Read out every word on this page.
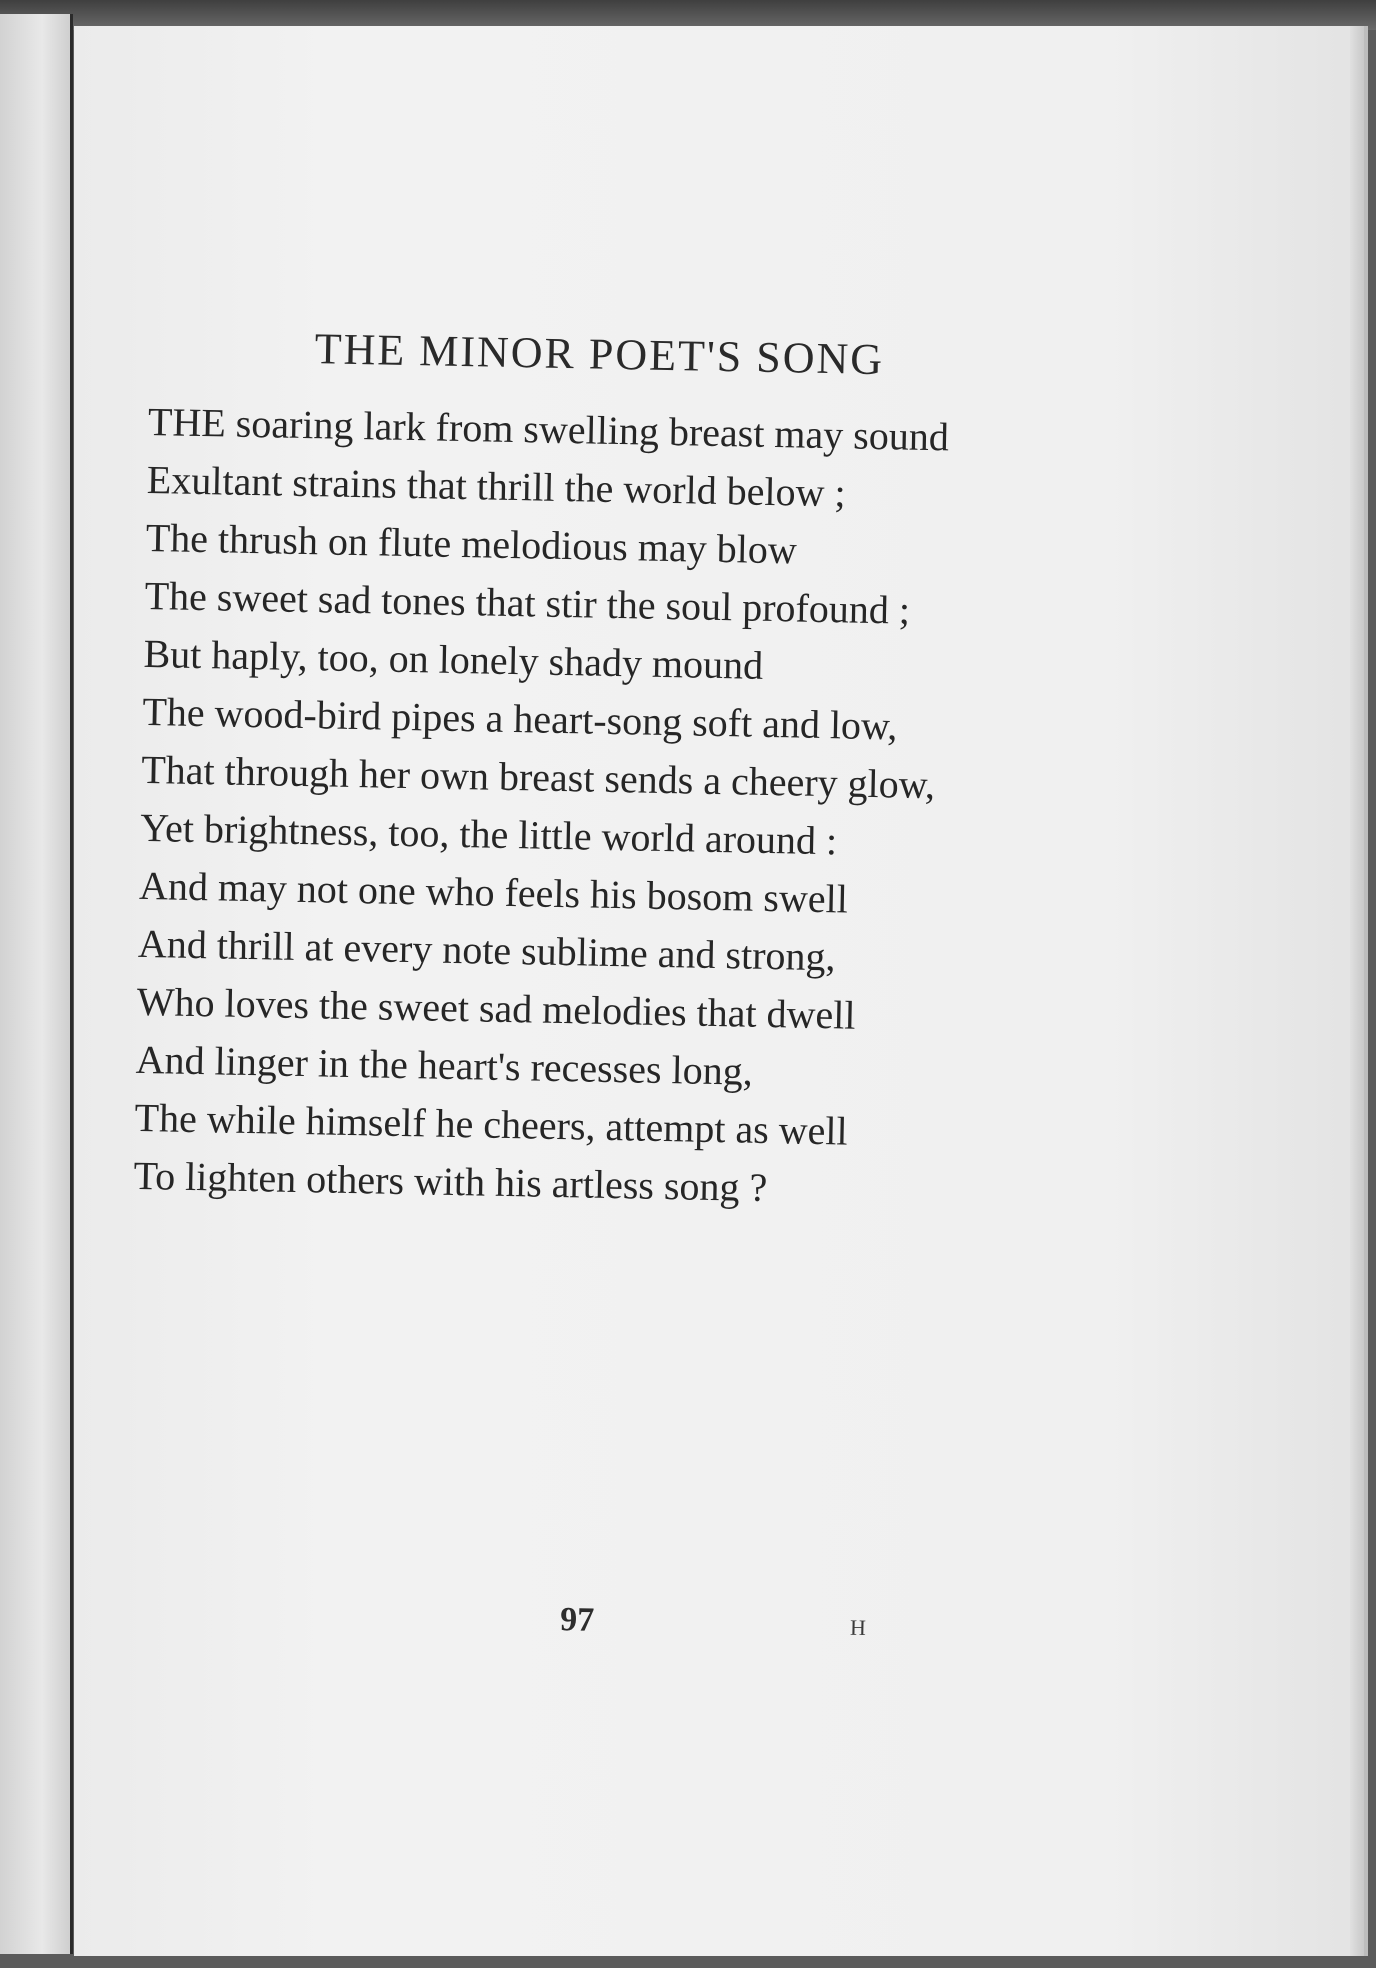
THE MINOR POET'S SONG
THE soaring lark from swelling breast may sound
Exultant strains that thrill the world below ;
The thrush on flute melodious may blow
The sweet sad tones that stir the soul profound ;
But haply, too, on lonely shady mound
The wood-bird pipes a heart-song soft and low,
That through her own breast sends a cheery glow,
Yet brightness, too, the little world around :
And may not one who feels his bosom swell
And thrill at every note sublime and strong,
Who loves the sweet sad melodies that dwell
And linger in the heart's recesses long,
The while himself he cheers, attempt as well
To lighten others with his artless song ?
97	H
